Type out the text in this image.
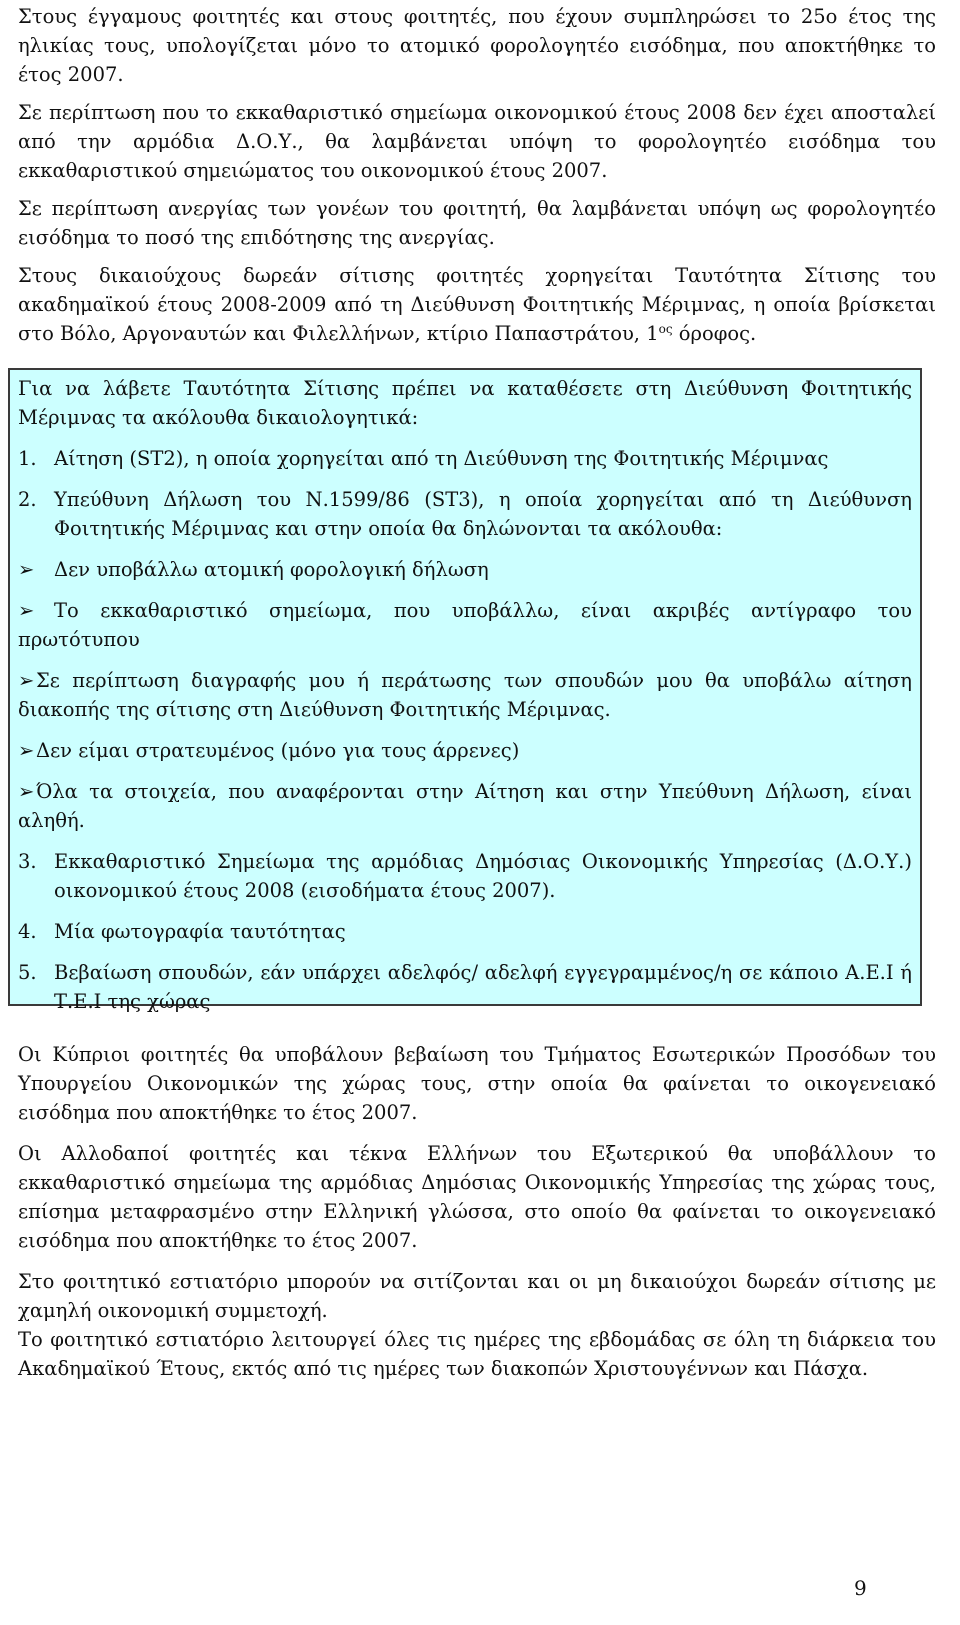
Στους έγγαμους φοιτητές και στους φοιτητές, που έχουν συμπληρώσει το 25ο έτος της ηλικίας τους, υπολογίζεται μόνο το ατομικό φορολογητέο εισόδημα, που αποκτήθηκε το έτος 2007.

Σε περίπτωση που το εκκαθαριστικό σημείωμα οικονομικού έτους 2008 δεν έχει αποσταλεί από την αρμόδια Δ.Ο.Υ., θα λαμβάνεται υπόψη το φορολογητέο εισόδημα του εκκαθαριστικού σημειώματος του οικονομικού έτους 2007.

Σε περίπτωση ανεργίας των γονέων του φοιτητή, θα λαμβάνεται υπόψη ως φορολογητέο εισόδημα το ποσό της επιδότησης της ανεργίας.

Στους δικαιούχους δωρεάν σίτισης φοιτητές χορηγείται Ταυτότητα Σίτισης του ακαδημαϊκού έτους 2008-2009 από τη Διεύθυνση Φοιτητικής Μέριμνας, η οποία βρίσκεται στο Βόλο, Αργοναυτών και Φιλελλήνων, κτίριο Παπαστράτου, $1^{o\varsigma}$ όροφος.

Για να λάβετε Ταυτότητα Σίτισης πρέπει να καταθέσετε στη Διεύθυνση Φοιτητικής Μέριμνας τα ακόλουθα δικαιολογητικά:

1. Αίτηση (ST2), η οποία χορηγείται από τη Διεύθυνση της Φοιτητικής Μέριμνας
2. Υπεύθυνη Δήλωση του Ν.1599/86 (ST3), η οποία χορηγείται από τη Διεύθυνση Φοιτητικής Μέριμνας και στην οποία θα δηλώνονται τα ακόλουθα:

➢ Δεν υποβάλλω ατομική φορολογική δήλωση

➢ Το εκκαθαριστικό σημείωμα, που υποβάλλω, είναι ακριβές αντίγραφο του πρωτότυπου

➢Σε περίπτωση διαγραφής μου ή περάτωσης των σπουδών μου θα υποβάλω αίτηση διακοπής της σίτισης στη Διεύθυνση Φοιτητικής Μέριμνας.

➢Δεν είμαι στρατευμένος (μόνο για τους άρρενες)

➢Όλα τα στοιχεία, που αναφέρονται στην Αίτηση και στην Υπεύθυνη Δήλωση, είναι αληθή.

3. Εκκαθαριστικό Σημείωμα της αρμόδιας Δημόσιας Οικονομικής Υπηρεσίας (Δ.Ο.Υ.) οικονομικού έτους 2008 (εισοδήματα έτους 2007).
4. Μία φωτογραφία ταυτότητας
5. Βεβαίωση σπουδών, εάν υπάρχει αδελφός/ αδελφή εγγεγραμμένος/η σε κάποιο Α.Ε.Ι ή Τ.Ε.Ι της χώρας

Οι Κύπριοι φοιτητές θα υποβάλουν βεβαίωση του Τμήματος Εσωτερικών Προσόδων του Υπουργείου Οικονομικών της χώρας τους, στην οποία θα φαίνεται το οικογενειακό εισόδημα που αποκτήθηκε το έτος 2007.

Οι Αλλοδαποί φοιτητές και τέκνα Ελλήνων του Εξωτερικού θα υποβάλλουν το εκκαθαριστικό σημείωμα της αρμόδιας Δημόσιας Οικονομικής Υπηρεσίας της χώρας τους, επίσημα μεταφρασμένο στην Ελληνική γλώσσα, στο οποίο θα φαίνεται το οικογενειακό εισόδημα που αποκτήθηκε το έτος 2007.

Στο φοιτητικό εστιατόριο μπορούν να σιτίζονται και οι μη δικαιούχοι δωρεάν σίτισης με χαμηλή οικονομική συμμετοχή.

Το φοιτητικό εστιατόριο λειτουργεί όλες τις ημέρες της εβδομάδας σε όλη τη διάρκεια του Ακαδημαϊκού Έτους, εκτός από τις ημέρες των διακοπών Χριστουγέννων και Πάσχα.

9
